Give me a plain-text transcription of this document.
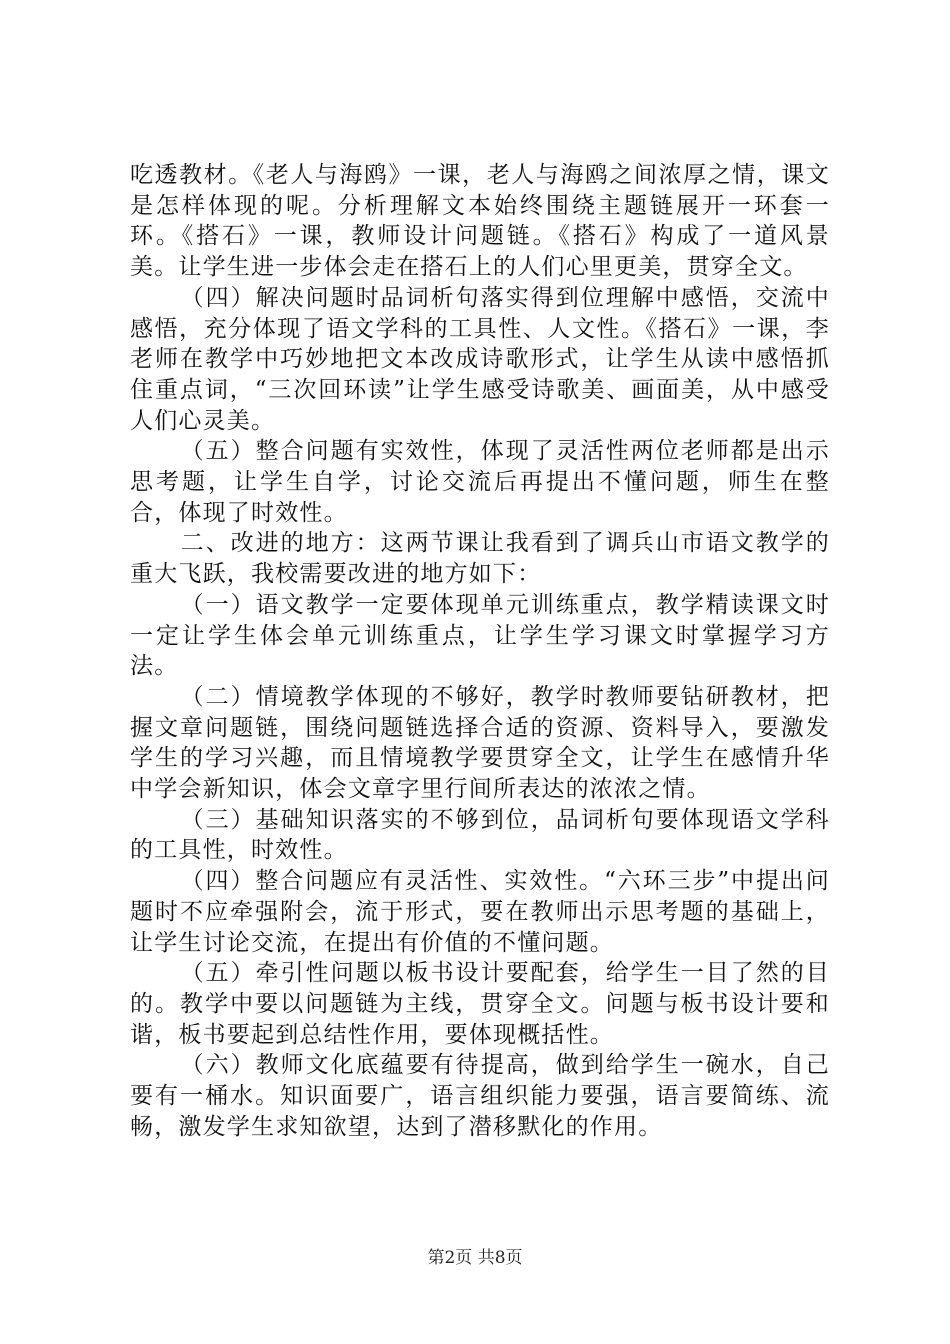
吃透教材。《老人与海鸥》一课，老人与海鸥之间浓厚之情，课文是怎样体现的呢。分析理解文本始终围绕主题链展开一环套一环。《搭石》一课，教师设计问题链。《搭石》构成了一道风景美。让学生进一步体会走在搭石上的人们心里更美，贯穿全文。

（四）解决问题时品词析句落实得到位理解中感悟，交流中感悟，充分体现了语文学科的工具性、人文性。《搭石》一课，李老师在教学中巧妙地把文本改成诗歌形式，让学生从读中感悟抓住重点词，“三次回环读”让学生感受诗歌美、画面美，从中感受人们心灵美。

（五）整合问题有实效性，体现了灵活性两位老师都是出示思考题，让学生自学，讨论交流后再提出不懂问题，师生在整合，体现了时效性。

二、改进的地方：这两节课让我看到了调兵山市语文教学的重大飞跃，我校需要改进的地方如下：

（一）语文教学一定要体现单元训练重点，教学精读课文时一定让学生体会单元训练重点，让学生学习课文时掌握学习方法。

（二）情境教学体现的不够好，教学时教师要钻研教材，把握文章问题链，围绕问题链选择合适的资源、资料导入，要激发学生的学习兴趣，而且情境教学要贯穿全文，让学生在感情升华中学会新知识，体会文章字里行间所表达的浓浓之情。

（三）基础知识落实的不够到位，品词析句要体现语文学科的工具性，时效性。

（四）整合问题应有灵活性、实效性。“六环三步”中提出问题时不应牵强附会，流于形式，要在教师出示思考题的基础上，让学生讨论交流，在提出有价值的不懂问题。

（五）牵引性问题以板书设计要配套，给学生一目了然的目的。教学中要以问题链为主线，贯穿全文。问题与板书设计要和谐，板书要起到总结性作用，要体现概括性。

（六）教师文化底蕴要有待提高，做到给学生一碗水，自己要有一桶水。知识面要广，语言组织能力要强，语言要简练、流畅，激发学生求知欲望，达到了潜移默化的作用。

第2页 共8页
